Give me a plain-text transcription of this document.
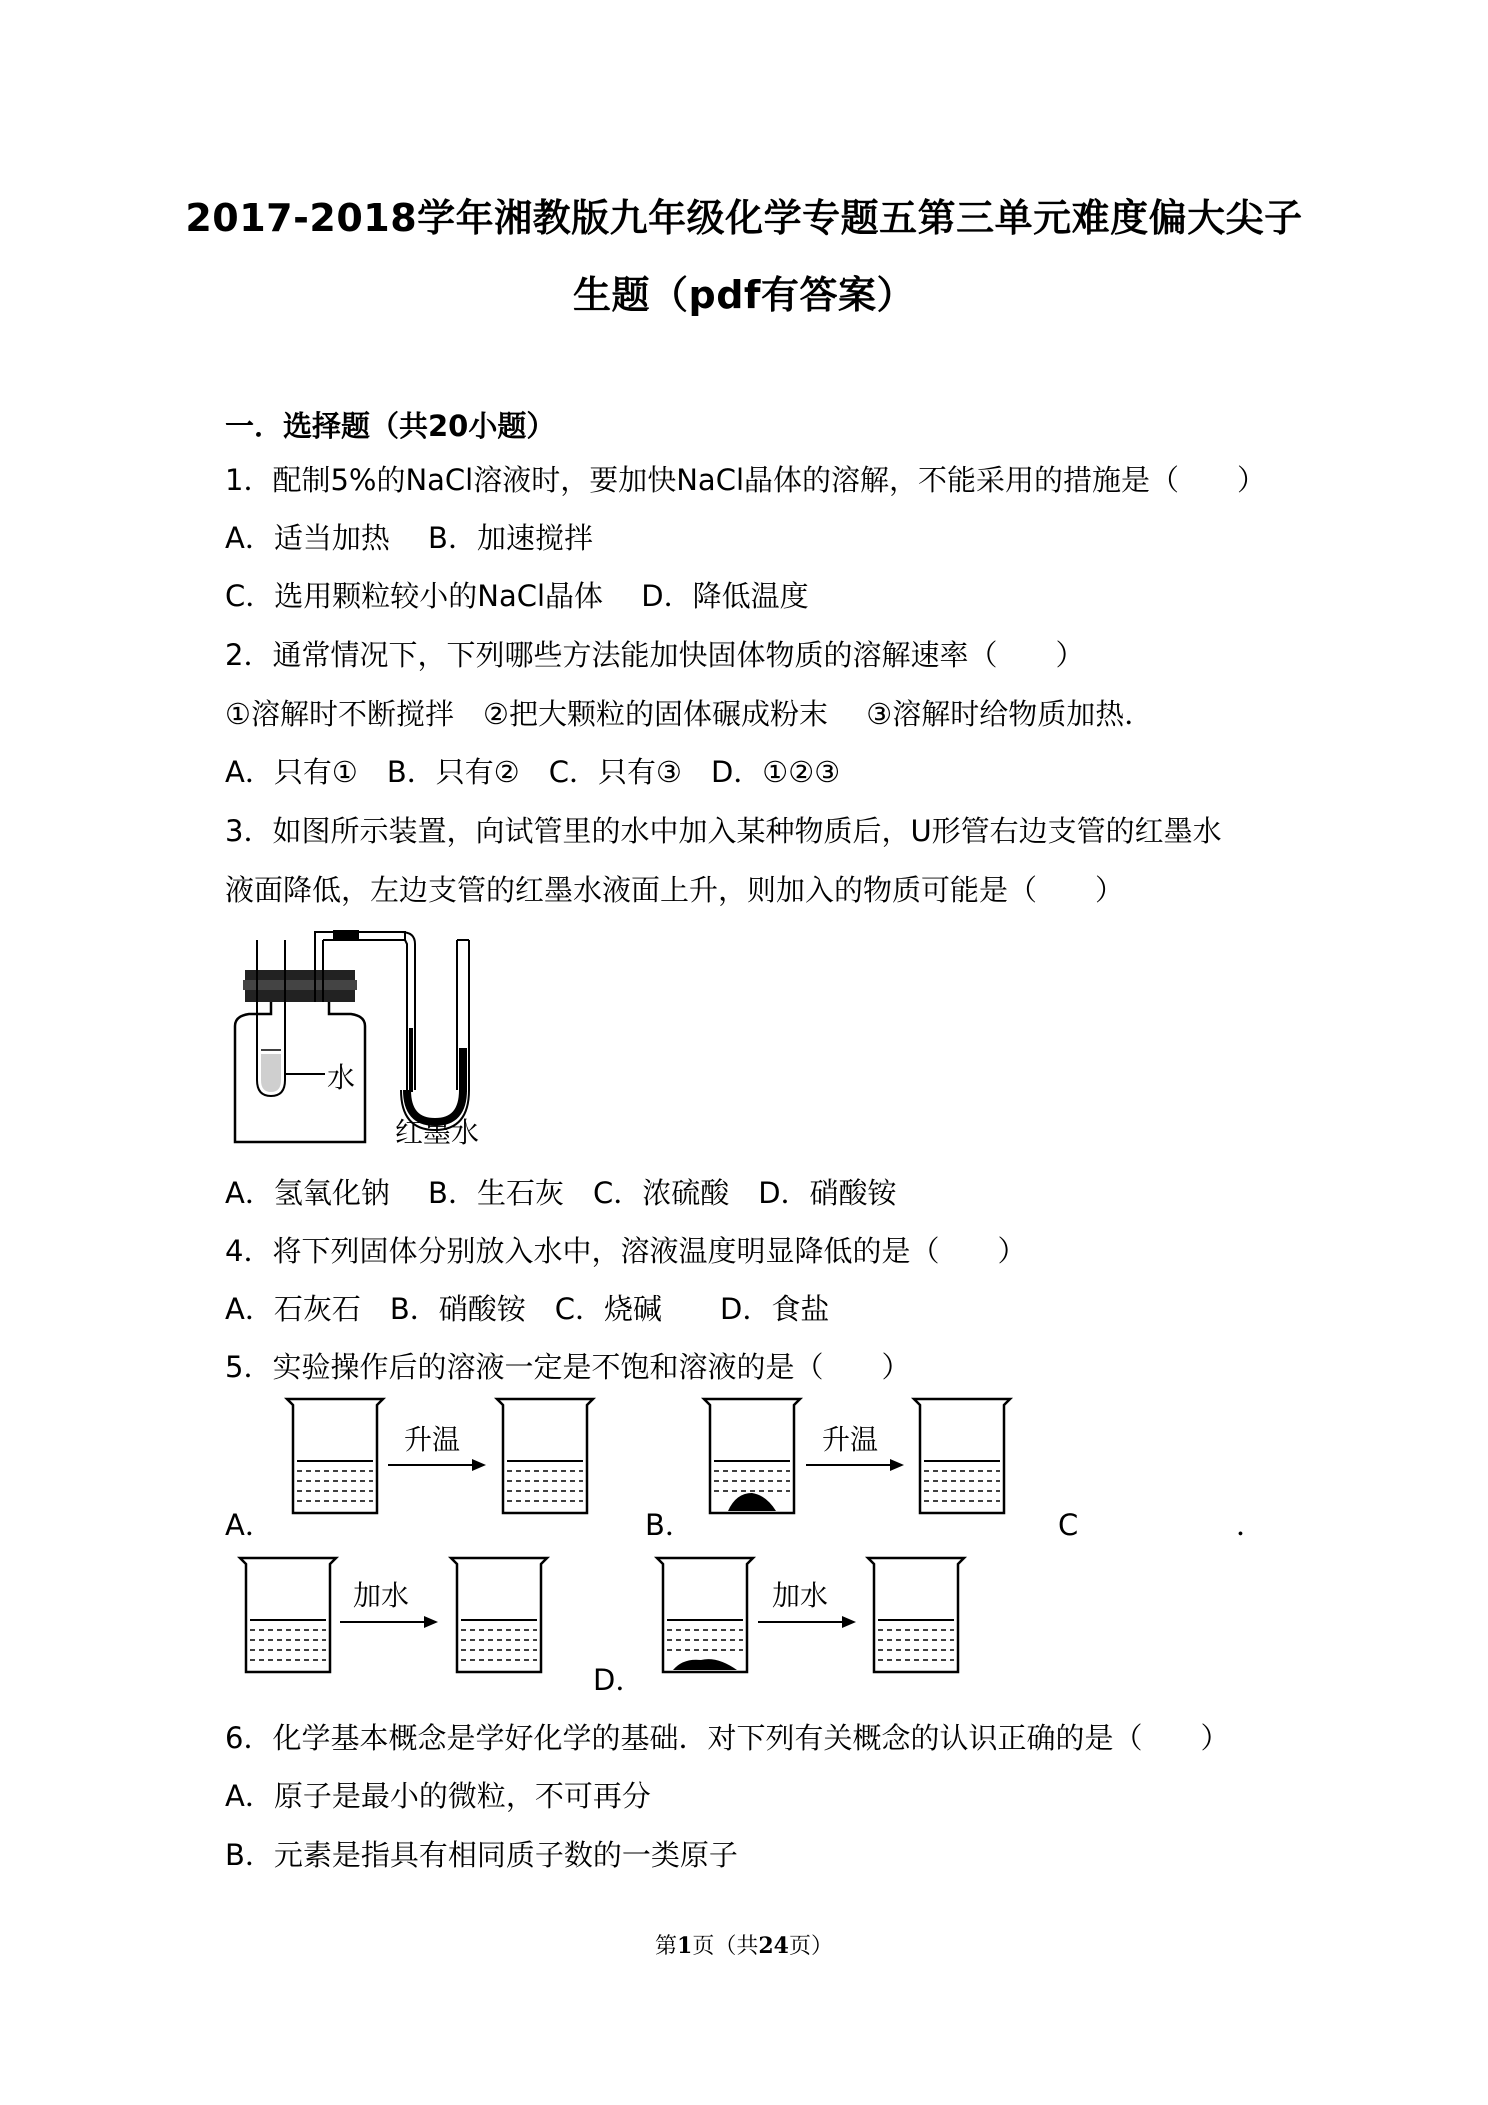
2017-2018学年湘教版九年级化学专题五第三单元难度偏大尖子
生题（pdf有答案）
一．选择题（共20小题）
1．配制5%的NaCl溶液时，要加快NaCl晶体的溶解，不能采用的措施是（　　）
A．适当加热　 B．加速搅拌
C．选用颗粒较小的NaCl晶体　 D．降低温度
2．通常情况下，下列哪些方法能加快固体物质的溶解速率（　　）
①溶解时不断搅拌　②把大颗粒的固体碾成粉末　 ③溶解时给物质加热．
A．只有①　B．只有②　C．只有③　D．①②③
3．如图所示装置，向试管里的水中加入某种物质后，U形管右边支管的红墨水
液面降低，左边支管的红墨水液面上升，则加入的物质可能是（　　）
水
红墨水
A．氢氧化钠　 B．生石灰　C．浓硫酸　D．硝酸铵
4．将下列固体分别放入水中，溶液温度明显降低的是（　　）
A．石灰石　B．硝酸铵　C．烧碱　　D．食盐
5．实验操作后的溶液一定是不饱和溶液的是（　　）
升温
A．
升温
B．	C	．
加水
D．
加水
6．化学基本概念是学好化学的基础．对下列有关概念的认识正确的是（　　）
A．原子是最小的微粒，不可再分
B．元素是指具有相同质子数的一类原子
第1页（共24页）
